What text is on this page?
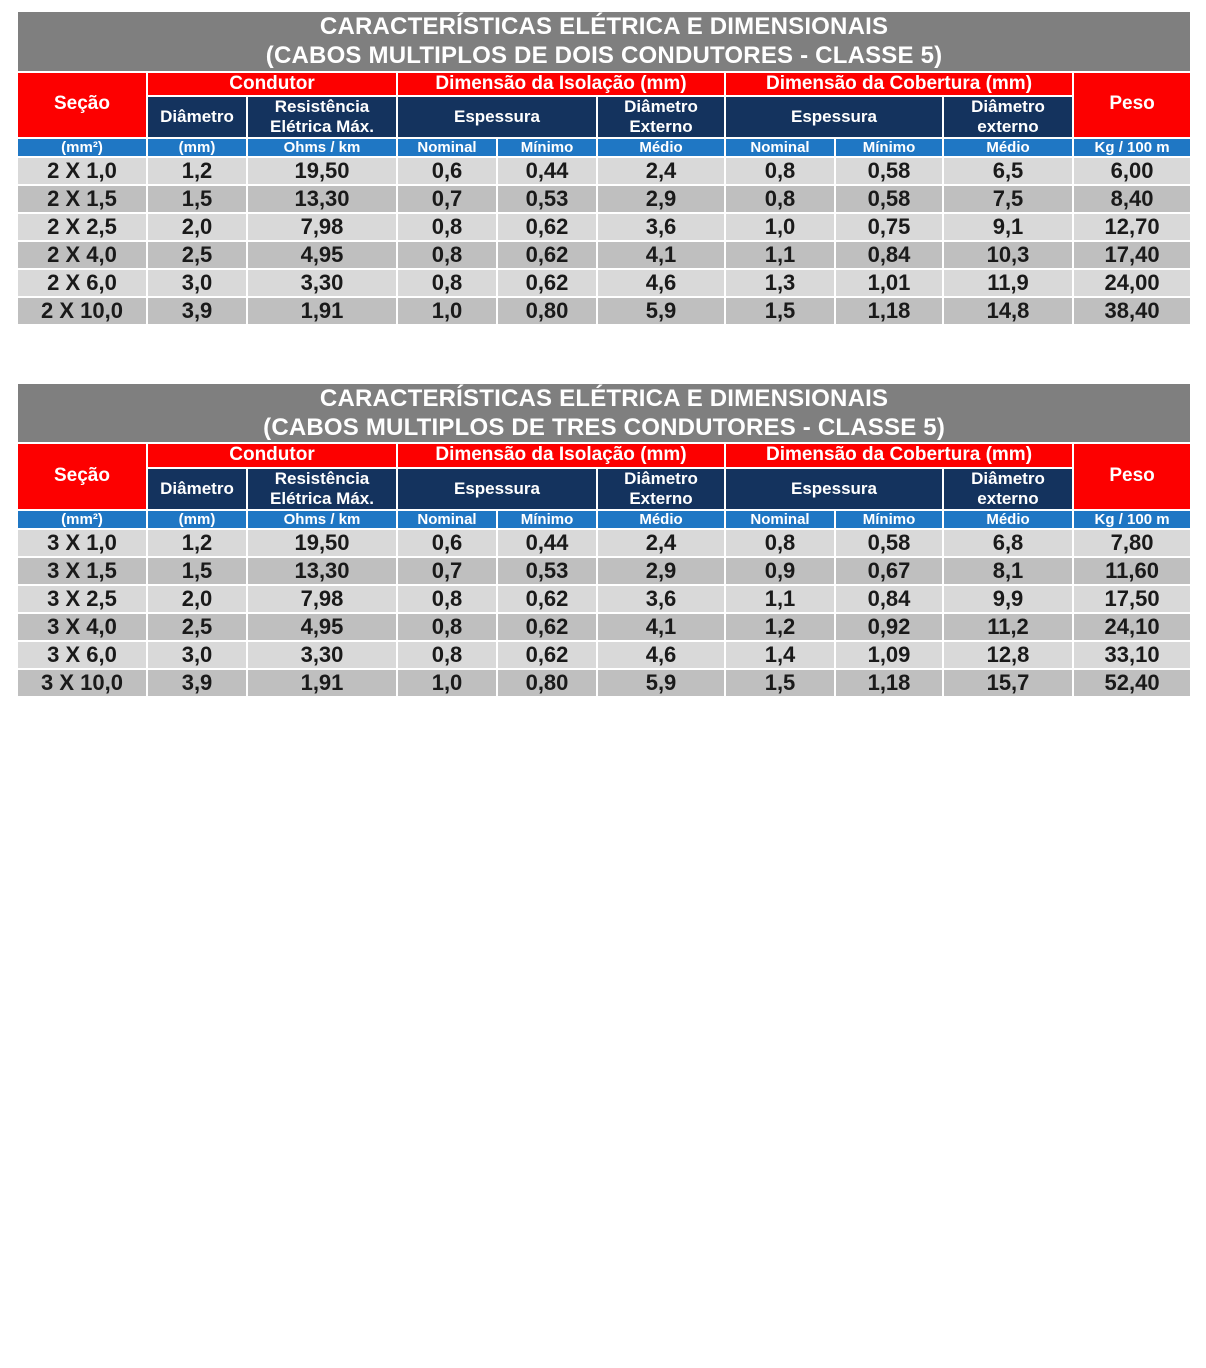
CARACTERÍSTICAS ELÉTRICA E DIMENSIONAIS
(CABOS MULTIPLOS DE DOIS CONDUTORES - CLASSE 5)									

Seção	Condutor		Dimensão da Isolação (mm)			Dimensão da Cobertura (mm)			Peso
	Diâmetro	Resistência Elétrica Máx.	Espessura		Diâmetro Externo	Espessura		Diâmetro externo	
(mm²)	(mm)	Ohms / km	Nominal	Mínimo	Médio	Nominal	Mínimo	Médio	Kg / 100 m
2 X 1,0	1,2	19,50	0,6	0,44	2,4	0,8	0,58	6,5	6,00
2 X 1,5	1,5	13,30	0,7	0,53	2,9	0,8	0,58	7,5	8,40
2 X 2,5	2,0	7,98	0,8	0,62	3,6	1,0	0,75	9,1	12,70
2 X 4,0	2,5	4,95	0,8	0,62	4,1	1,1	0,84	10,3	17,40
2 X 6,0	3,0	3,30	0,8	0,62	4,6	1,3	1,01	11,9	24,00
2 X 10,0	3,9	1,91	1,0	0,80	5,9	1,5	1,18	14,8	38,40
CARACTERÍSTICAS ELÉTRICA E DIMENSIONAIS
(CABOS MULTIPLOS DE TRES CONDUTORES - CLASSE 5)									

Seção	Condutor		Dimensão da Isolação (mm)			Dimensão da Cobertura (mm)			Peso
	Diâmetro	Resistência Elétrica Máx.	Espessura		Diâmetro Externo	Espessura		Diâmetro externo	
(mm²)	(mm)	Ohms / km	Nominal	Mínimo	Médio	Nominal	Mínimo	Médio	Kg / 100 m
3 X 1,0	1,2	19,50	0,6	0,44	2,4	0,8	0,58	6,8	7,80
3 X 1,5	1,5	13,30	0,7	0,53	2,9	0,9	0,67	8,1	11,60
3 X 2,5	2,0	7,98	0,8	0,62	3,6	1,1	0,84	9,9	17,50
3 X 4,0	2,5	4,95	0,8	0,62	4,1	1,2	0,92	11,2	24,10
3 X 6,0	3,0	3,30	0,8	0,62	4,6	1,4	1,09	12,8	33,10
3 X 10,0	3,9	1,91	1,0	0,80	5,9	1,5	1,18	15,7	52,40
